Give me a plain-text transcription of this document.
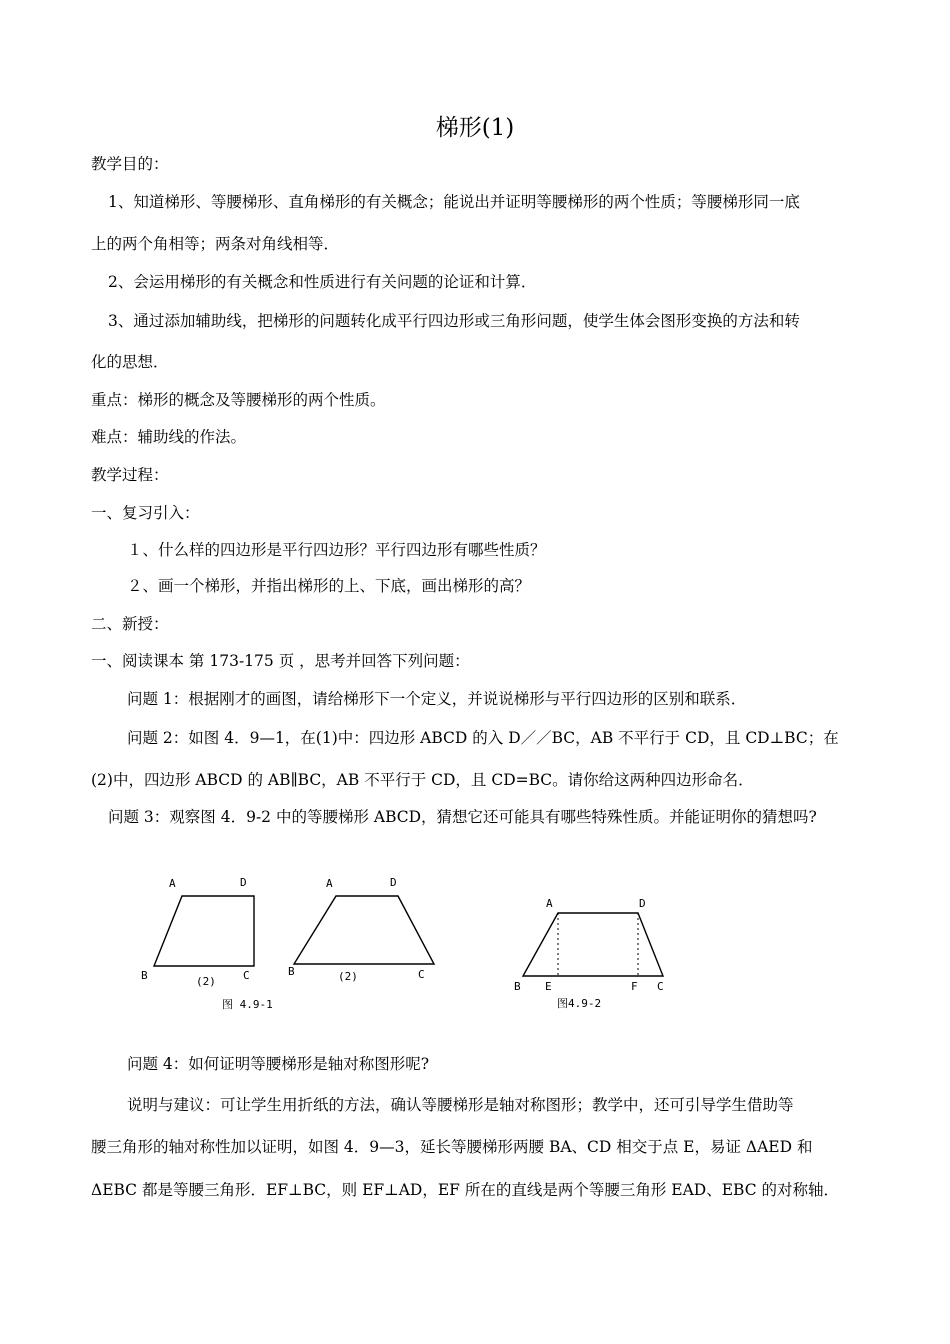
梯形(1)
教学目的：
1、知道梯形、等腰梯形、直角梯形的有关概念；能说出并证明等腰梯形的两个性质；等腰梯形同一底
上的两个角相等；两条对角线相等．
2、会运用梯形的有关概念和性质进行有关问题的论证和计算．
3、通过添加辅助线，把梯形的问题转化成平行四边形或三角形问题，使学生体会图形变换的方法和转
化的思想．
重点：梯形的概念及等腰梯形的两个性质。
难点：辅助线的作法。
教学过程：
一、复习引入：
１、什么样的四边形是平行四边形？平行四边形有哪些性质？
２、画一个梯形，并指出梯形的上、下底，画出梯形的高？
二、新授：
一、阅读课本 第 173-175 页 ，思考并回答下列问题：
问题 1：根据刚才的画图，请给梯形下一个定义，并说说梯形与平行四边形的区别和联系．
问题 2：如图 4．9—1，在(1)中：四边形 ABCD 的入 D／／BC，AB 不平行于 CD，且 CD⊥BC；在
(2)中，四边形 ABCD 的 AB∥BC，AB 不平行于 CD，且 CD=BC。请你给这两种四边形命名．
问题 3：观察图 4．9-2 中的等腰梯形 ABCD，猜想它还可能具有哪些特殊性质。并能证明你的猜想吗?
A	D
B	C
(2)
A	D
B	C
(2)
图 4.9-1
A	D
B E	F C
图4.9-2
问题 4：如何证明等腰梯形是轴对称图形呢?
说明与建议：可让学生用折纸的方法，确认等腰梯形是轴对称图形；教学中，还可引导学生借助等
腰三角形的轴对称性加以证明，如图 4．9—3，延长等腰梯形两腰 BA、CD 相交于点 E，易证 ΔAED 和
ΔEBC 都是等腰三角形．EF⊥BC，则 EF⊥AD，EF 所在的直线是两个等腰三角形 EAD、EBC 的对称轴．
